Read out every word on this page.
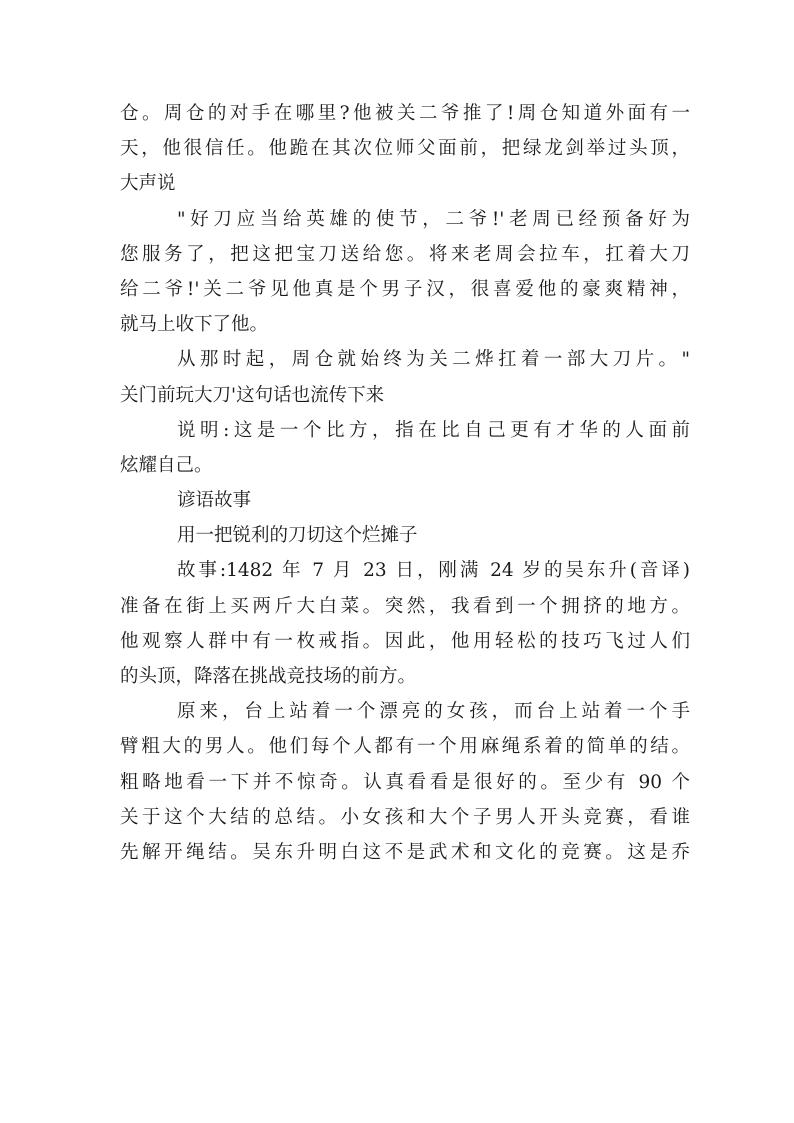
仓。周仓的对手在哪里?他被关二爷推了!周仓知道外面有一
天，他很信任。他跪在其次位师父面前，把绿龙剑举过头顶，
大声说
"好刀应当给英雄的使节，二爷!'老周已经预备好为
您服务了，把这把宝刀送给您。将来老周会拉车，扛着大刀
给二爷!'关二爷见他真是个男子汉，很喜爱他的豪爽精神，
就马上收下了他。
从那时起，周仓就始终为关二烨扛着一部大刀片。"
关门前玩大刀'这句话也流传下来
说明:这是一个比方，指在比自己更有才华的人面前
炫耀自己。
谚语故事
用一把锐利的刀切这个烂摊子
故事:1482 年 7 月 23 日，刚满 24 岁的吴东升(音译)
准备在街上买两斤大白菜。突然，我看到一个拥挤的地方。
他观察人群中有一枚戒指。因此，他用轻松的技巧飞过人们
的头顶，降落在挑战竞技场的前方。
原来，台上站着一个漂亮的女孩，而台上站着一个手
臂粗大的男人。他们每个人都有一个用麻绳系着的简单的结。
粗略地看一下并不惊奇。认真看看是很好的。至少有 90 个
关于这个大结的总结。小女孩和大个子男人开头竞赛，看谁
先解开绳结。吴东升明白这不是武术和文化的竞赛。这是乔
